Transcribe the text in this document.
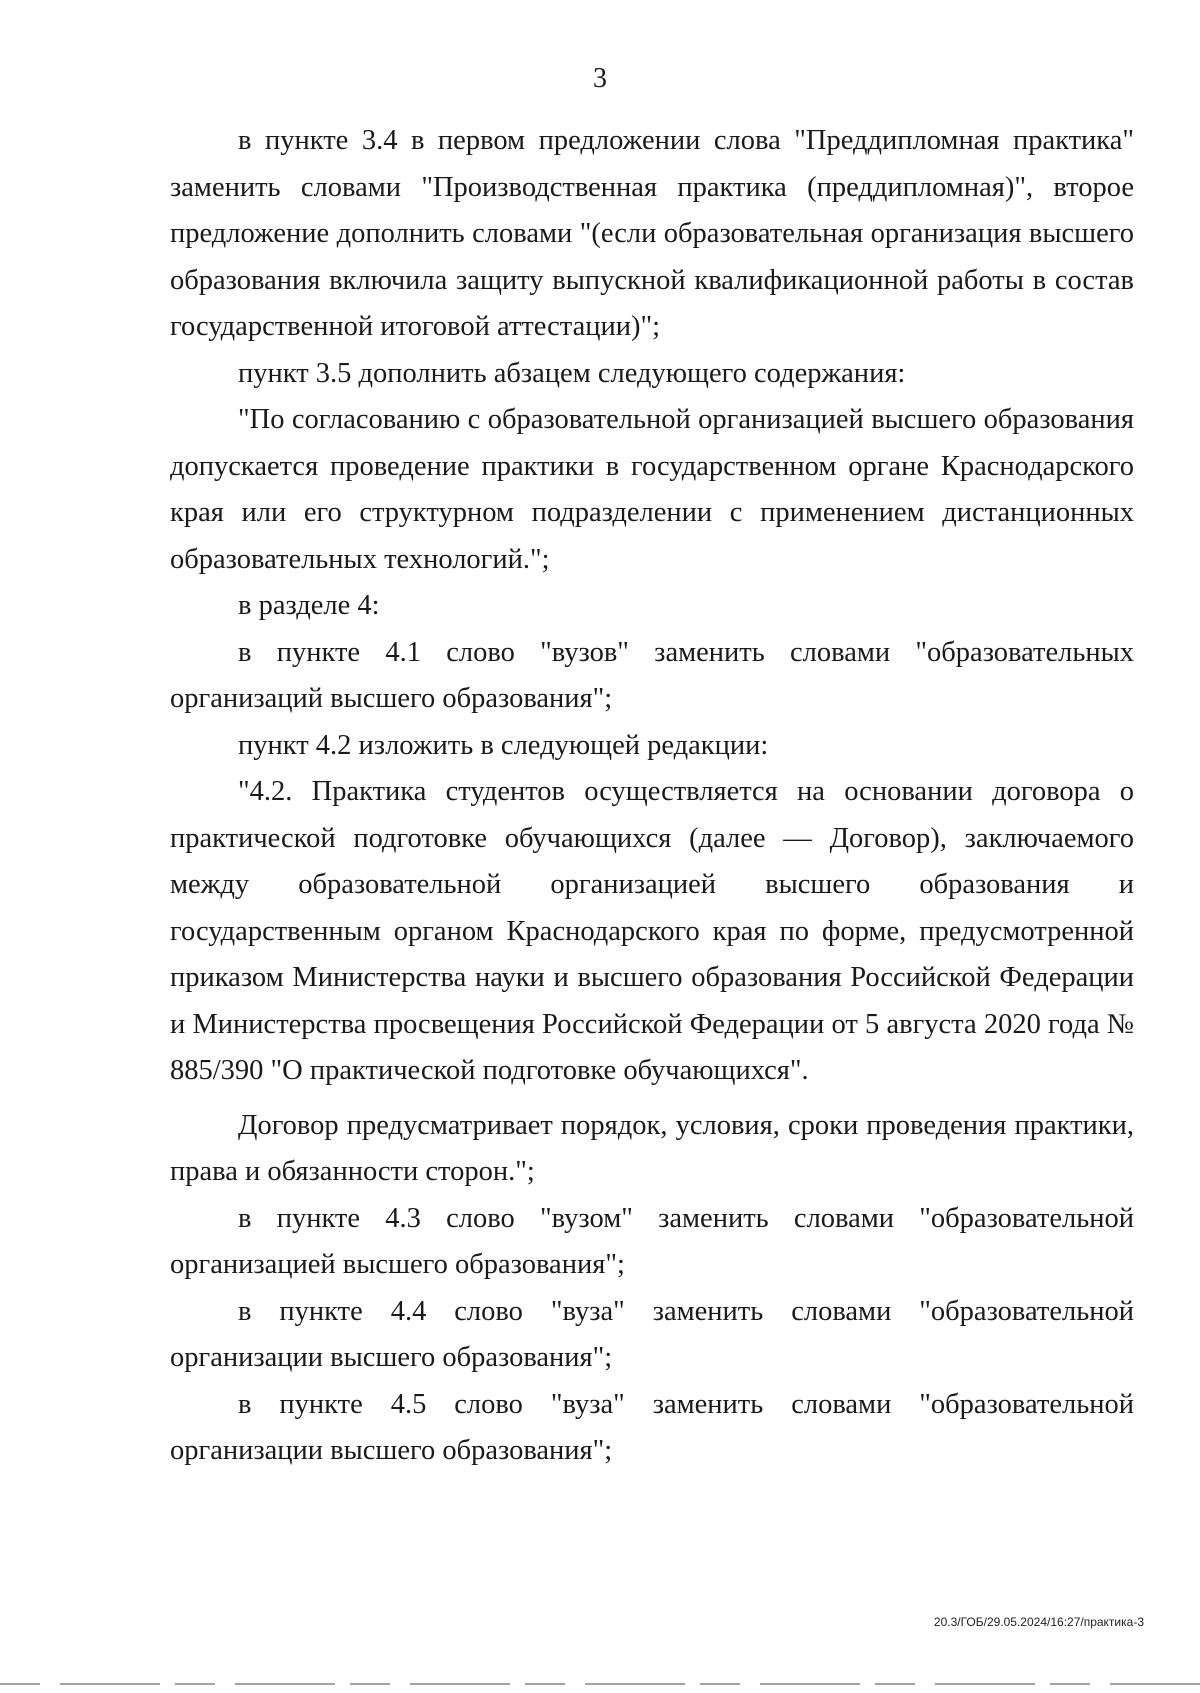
3

в пункте 3.4 в первом предложении слова "Преддипломная практика" заменить словами "Производственная практика (преддипломная)", второе предложение дополнить словами "(если образовательная организация высшего образования включила защиту выпускной квалификационной работы в состав государственной итоговой аттестации)";

пункт 3.5 дополнить абзацем следующего содержания:

"По согласованию с образовательной организацией высшего образования допускается проведение практики в государственном органе Краснодарского края или его структурном подразделении с применением дистанционных образовательных технологий.";

в разделе 4:

в пункте 4.1 слово "вузов" заменить словами "образовательных организаций высшего образования";

пункт 4.2 изложить в следующей редакции:

"4.2. Практика студентов осуществляется на основании договора о практической подготовке обучающихся (далее — Договор), заключаемого между образовательной организацией высшего образования и государственным органом Краснодарского края по форме, предусмотренной приказом Министерства науки и высшего образования Российской Федерации и Министерства просвещения Российской Федерации от 5 августа 2020 года № 885/390 "О практической подготовке обучающихся".

Договор предусматривает порядок, условия, сроки проведения практики, права и обязанности сторон.";

в пункте 4.3 слово "вузом" заменить словами "образовательной организацией высшего образования";

в пункте 4.4 слово "вуза" заменить словами "образовательной организации высшего образования";

в пункте 4.5 слово "вуза" заменить словами "образовательной организации высшего образования";

20.3/ГОБ/29.05.2024/16:27/практика-3
